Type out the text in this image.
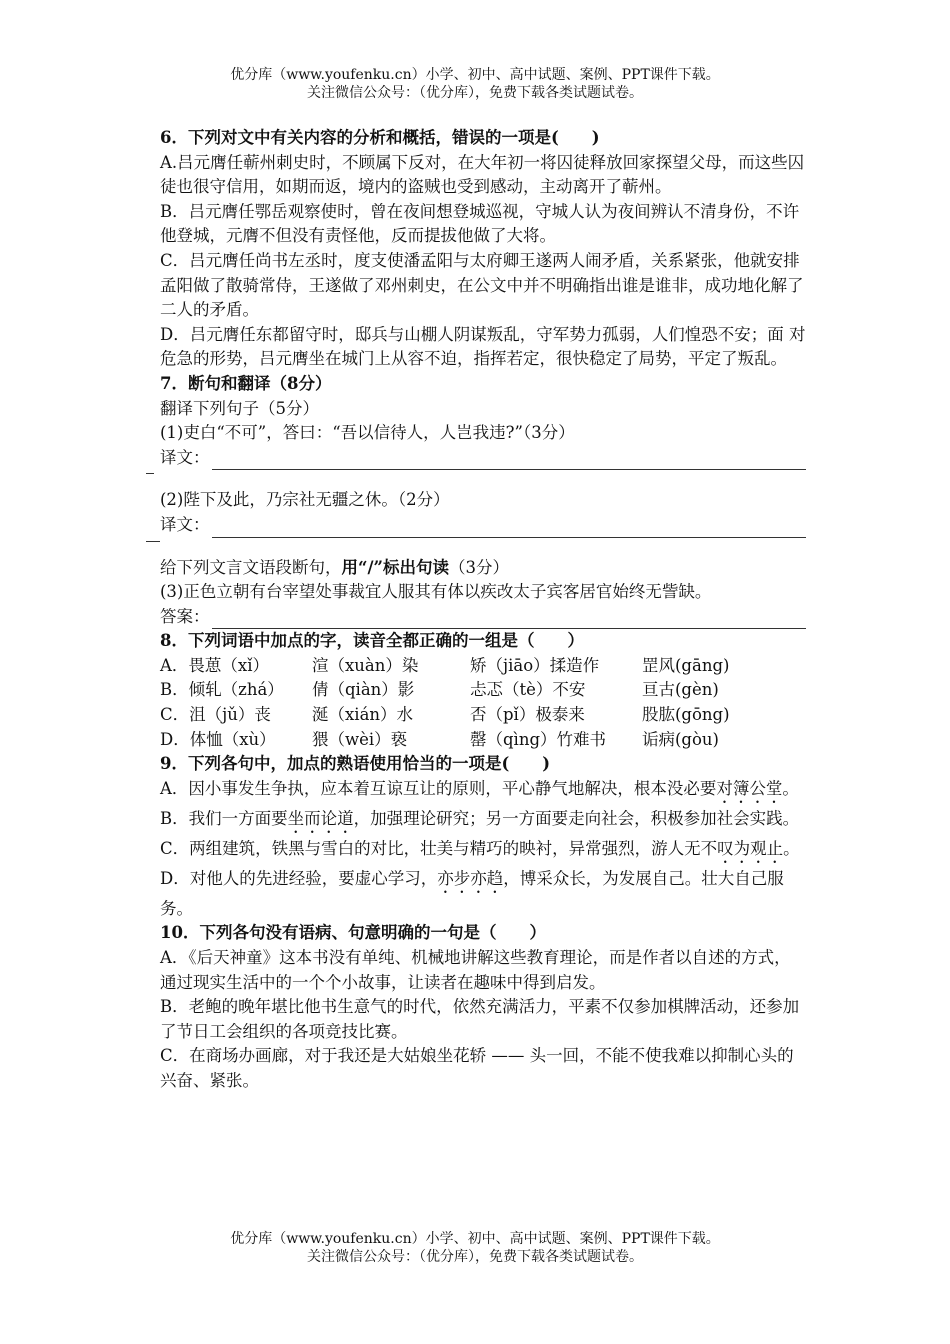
优分库（www.youfenku.cn）小学、初中、高中试题、案例、PPT课件下载。
关注微信公众号：（优分库），免费下载各类试题试卷。

6．下列对文中有关内容的分析和概括，错误的一项是(　　)

A.吕元膺任蕲州刺史时，不顾属下反对，在大年初一将囚徒释放回家探望父母，而这些囚徒也很守信用，如期而返，境内的盗贼也受到感动，主动离开了蕲州。

B．吕元膺任鄂岳观察使时，曾在夜间想登城巡视，守城人认为夜间辨认不清身份，不许他登城，元膺不但没有责怪他，反而提拔他做了大将。

C．吕元膺任尚书左丞时，度支使潘孟阳与太府卿王遂两人闹矛盾，关系紧张，他就安排孟阳做了散骑常侍，王遂做了邓州刺史，在公文中并不明确指出谁是谁非，成功地化解了二人的矛盾。

D．吕元膺任东都留守时，邸兵与山棚人阴谋叛乱，守军势力孤弱，人们惶恐不安；面 对危急的形势，吕元膺坐在城门上从容不迫，指挥若定，很快稳定了局势，平定了叛乱。

7．断句和翻译（8分）

翻译下列句子（5分）

(1)吏白“不可”，答曰：“吾以信待人，人岂我违?”（3分）

译文：

(2)陛下及此，乃宗社无疆之休。（2分）

译文：

给下列文言文语段断句，用“/”标出句读（3分）

(3)正色立朝有台宰望处事裁宜人服其有体以疾改太子宾客居官始终无訾缺。

答案：

8．下列词语中加点的字，读音全都正确的一组是（　　）

A．畏葸（xǐ）	渲（xuàn）染	矫（jiāo）揉造作	罡风(gāng)
B．倾轧（zhá）	倩（qiàn）影	忐忑（tè）不安	亘古(gèn)
C．沮（jǔ）丧	涎（xián）水	否（pǐ）极泰来	股肱(gōng)
D．体恤（xù）	猥（wèi）亵	罄（qìng）竹难书	诟病(gòu)

9．下列各句中，加点的熟语使用恰当的一项是(　　)

A．因小事发生争执，应本着互谅互让的原则，平心静气地解决，根本没必要对簿公堂。

B．我们一方面要坐而论道，加强理论研究；另一方面要走向社会，积极参加社会实践。

C．两组建筑，铁黑与雪白的对比，壮美与精巧的映衬，异常强烈，游人无不叹为观止。

D．对他人的先进经验，要虚心学习，亦步亦趋，博采众长，为发展自己。壮大自己服务。

10．下列各句没有语病、句意明确的一句是（　　）

A．《后天神童》这本书没有单纯、机械地讲解这些教育理论，而是作者以自述的方式，通过现实生活中的一个个小故事，让读者在趣味中得到启发。

B．老鲍的晚年堪比他书生意气的时代，依然充满活力，平素不仅参加棋牌活动，还参加了节日工会组织的各项竞技比赛。

C．在商场办画廊，对于我还是大姑娘坐花轿 —— 头一回，不能不使我难以抑制心头的兴奋、紧张。

优分库（www.youfenku.cn）小学、初中、高中试题、案例、PPT课件下载。
关注微信公众号：（优分库），免费下载各类试题试卷。
